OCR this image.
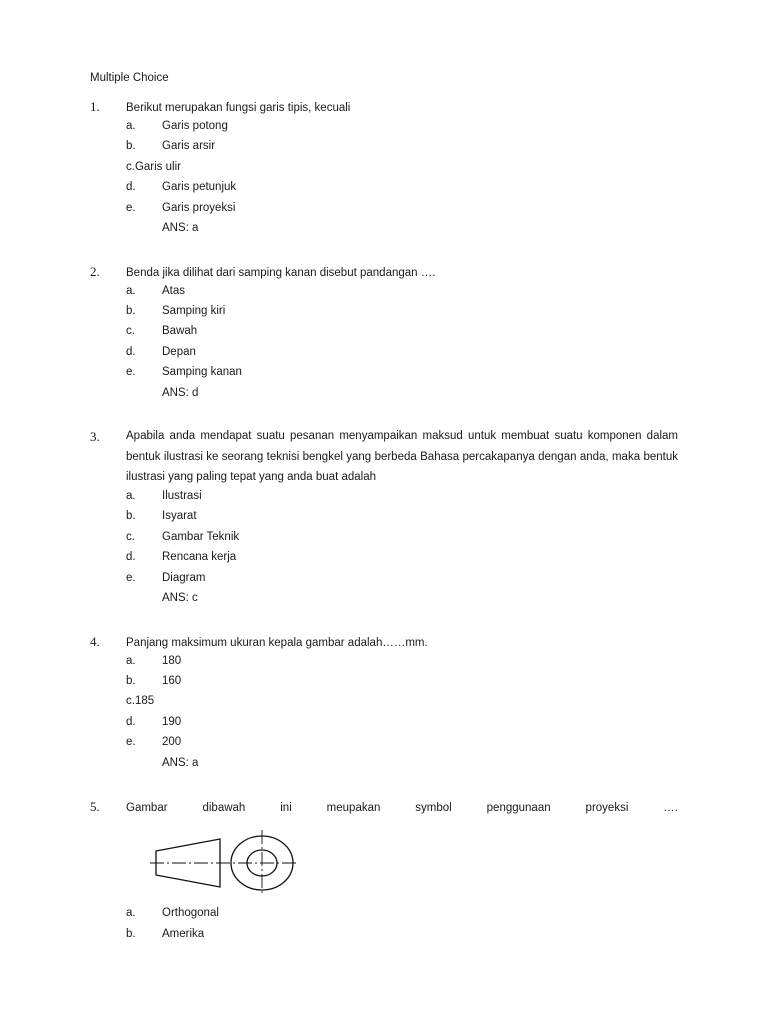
Multiple Choice
1. Berikut merupakan fungsi garis tipis, kecuali
a. Garis potong
b. Garis arsir
c.Garis ulir
d. Garis petunjuk
e. Garis proyeksi
ANS: a
2. Benda jika dilihat dari samping kanan disebut pandangan ….
a. Atas
b. Samping kiri
c. Bawah
d. Depan
e. Samping kanan
ANS: d
3. Apabila anda mendapat suatu pesanan menyampaikan maksud untuk membuat suatu komponen dalam bentuk ilustrasi ke seorang teknisi bengkel yang berbeda Bahasa percakapanya dengan anda, maka bentuk ilustrasi yang paling tepat yang anda buat adalah
a. Ilustrasi
b. Isyarat
c. Gambar Teknik
d. Rencana kerja
e. Diagram
ANS: c
4. Panjang maksimum ukuran kepala gambar adalah……mm.
a. 180
b. 160
c.185
d. 190
e. 200
ANS: a
5. Gambar dibawah ini meupakan symbol penggunaan proyeksi ….
a. Orthogonal
b. Amerika
